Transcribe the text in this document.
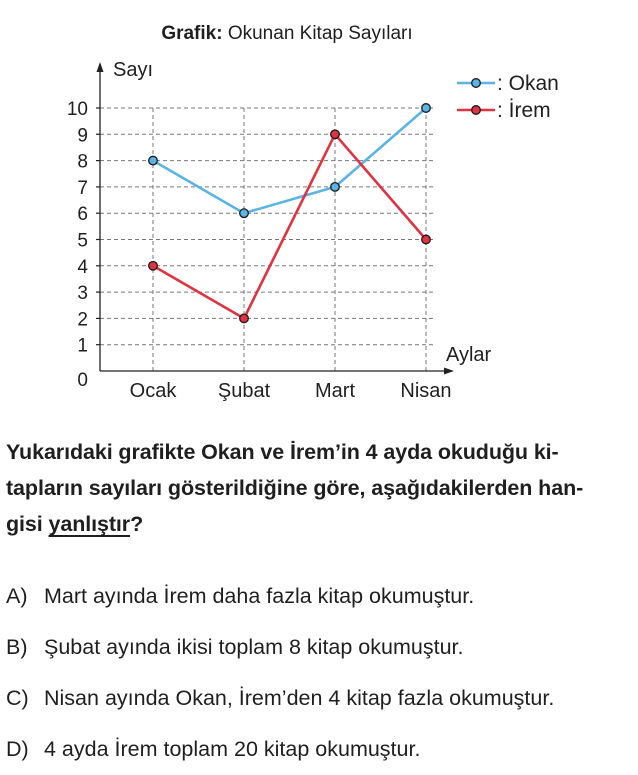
Grafik: Okunan Kitap Sayıları
0
1
2
3
4
5
6
7
8
9
10
Ocak Şubat Mart Nisan
Sayı
Aylar
: Okan
: İrem
Yukarıdaki grafikte Okan ve İrem’in 4 ayda okuduğu ki-
tapların sayıları gösterildiğine göre, aşağıdakilerden han-
gisi yanlıştır?
A) Mart ayında İrem daha fazla kitap okumuştur.
B) Şubat ayında ikisi toplam 8 kitap okumuştur.
C) Nisan ayında Okan, İrem’den 4 kitap fazla okumuştur.
D) 4 ayda İrem toplam 20 kitap okumuştur.
